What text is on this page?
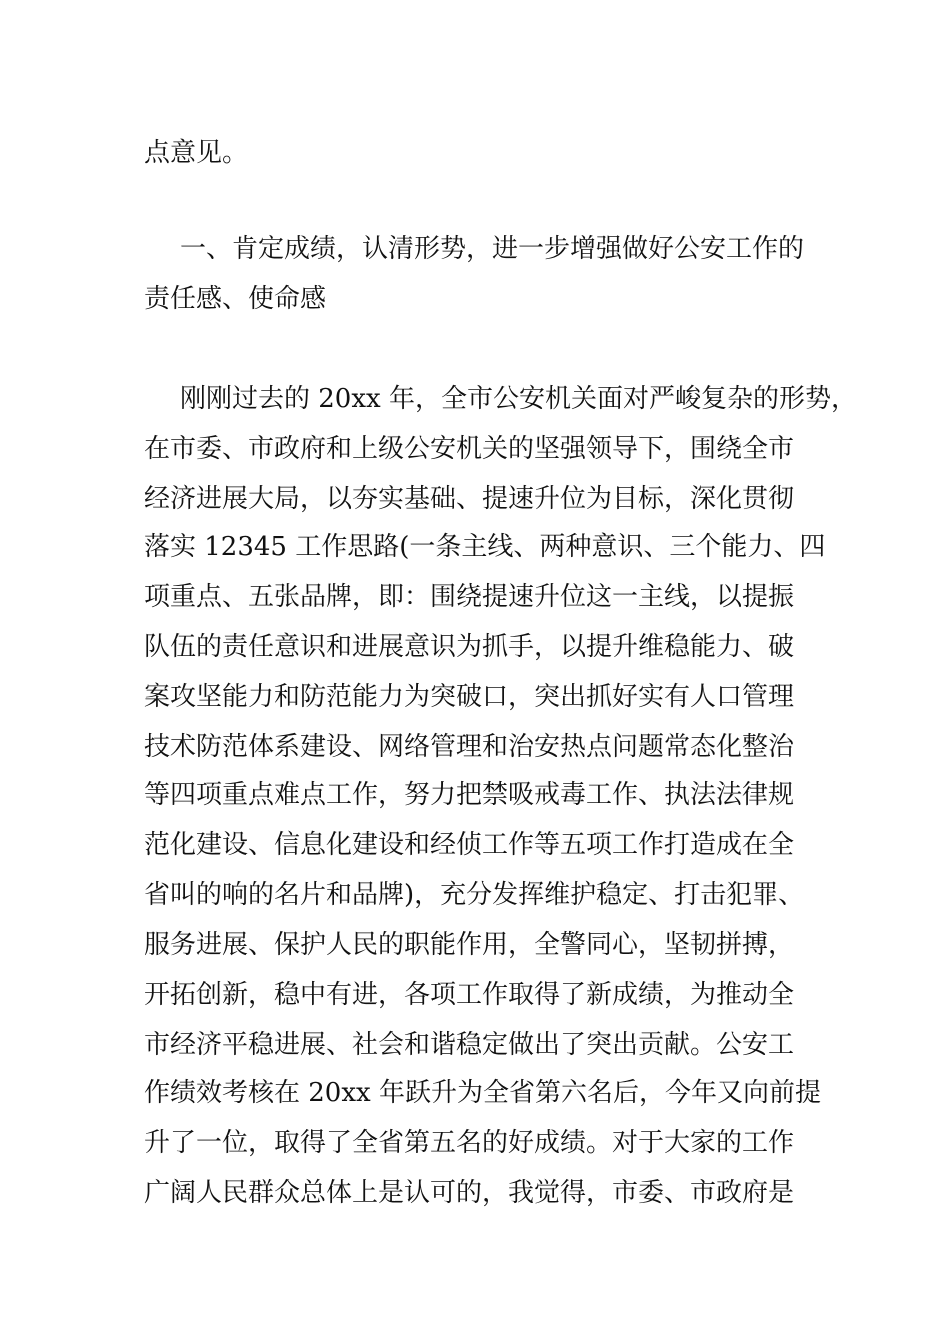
点意见。
一、肯定成绩，认清形势，进一步增强做好公安工作的
责任感、使命感
刚刚过去的 20xx 年，全市公安机关面对严峻复杂的形势，
在市委、市政府和上级公安机关的坚强领导下，围绕全市
经济进展大局，以夯实基础、提速升位为目标，深化贯彻
落实 12345 工作思路(一条主线、两种意识、三个能力、四
项重点、五张品牌，即：围绕提速升位这一主线，以提振
队伍的责任意识和进展意识为抓手，以提升维稳能力、破
案攻坚能力和防范能力为突破口，突出抓好实有人口管理
技术防范体系建设、网络管理和治安热点问题常态化整治
等四项重点难点工作，努力把禁吸戒毒工作、执法法律规
范化建设、信息化建设和经侦工作等五项工作打造成在全
省叫的响的名片和品牌)，充分发挥维护稳定、打击犯罪、
服务进展、保护人民的职能作用，全警同心，坚韧拼搏，
开拓创新，稳中有进，各项工作取得了新成绩，为推动全
市经济平稳进展、社会和谐稳定做出了突出贡献。公安工
作绩效考核在 20xx 年跃升为全省第六名后，今年又向前提
升了一位，取得了全省第五名的好成绩。对于大家的工作
广阔人民群众总体上是认可的，我觉得，市委、市政府是
